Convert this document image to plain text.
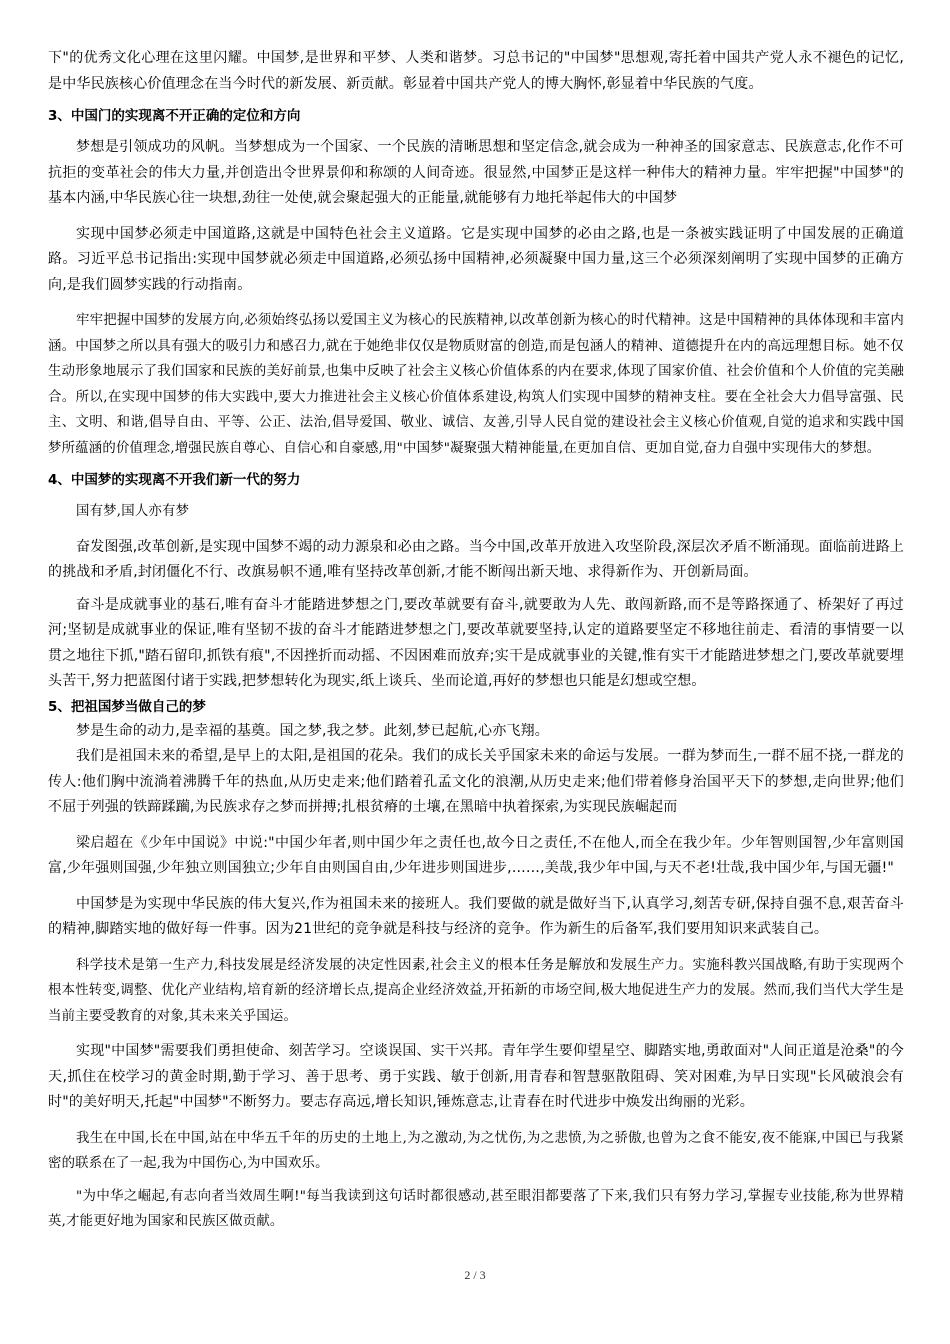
下"的优秀文化心理在这里闪耀。中国梦,是世界和平梦、人类和谐梦。习总书记的"中国梦"思想观,寄托着中国共产党人永不褪色的记忆,是中华民族核心价值理念在当今时代的新发展、新贡献。彰显着中国共产党人的博大胸怀,彰显着中华民族的气度。

3、中国门的实现离不开正确的定位和方向

梦想是引领成功的风帆。当梦想成为一个国家、一个民族的清晰思想和坚定信念,就会成为一种神圣的国家意志、民族意志,化作不可抗拒的变革社会的伟大力量,并创造出令世界景仰和称颂的人间奇迹。很显然,中国梦正是这样一种伟大的精神力量。牢牢把握"中国梦"的基本内涵,中华民族心往一块想,劲往一处使,就会聚起强大的正能量,就能够有力地托举起伟大的中国梦

实现中国梦必须走中国道路,这就是中国特色社会主义道路。它是实现中国梦的必由之路,也是一条被实践证明了中国发展的正确道路。习近平总书记指出:实现中国梦就必须走中国道路,必须弘扬中国精神,必须凝聚中国力量,这三个必须深刻阐明了实现中国梦的正确方向,是我们圆梦实践的行动指南。

牢牢把握中国梦的发展方向,必须始终弘扬以爱国主义为核心的民族精神,以改革创新为核心的时代精神。这是中国精神的具体体现和丰富内涵。中国梦之所以具有强大的吸引力和感召力,就在于她绝非仅仅是物质财富的创造,而是包涵人的精神、道德提升在内的高远理想目标。她不仅生动形象地展示了我们国家和民族的美好前景,也集中反映了社会主义核心价值体系的内在要求,体现了国家价值、社会价值和个人价值的完美融合。所以,在实现中国梦的伟大实践中,要大力推进社会主义核心价值体系建设,构筑人们实现中国梦的精神支柱。要在全社会大力倡导富强、民主、文明、和谐,倡导自由、平等、公正、法治,倡导爱国、敬业、诚信、友善,引导人民自觉的建设社会主义核心价值观,自觉的追求和实践中国梦所蕴涵的价值理念,增强民族自尊心、自信心和自豪感,用"中国梦"凝聚强大精神能量,在更加自信、更加自觉,奋力自强中实现伟大的梦想。

4、中国梦的实现离不开我们新一代的努力

国有梦,国人亦有梦

奋发图强,改革创新,是实现中国梦不竭的动力源泉和必由之路。当今中国,改革开放进入攻坚阶段,深层次矛盾不断涌现。面临前进路上的挑战和矛盾,封闭僵化不行、改旗易帜不通,唯有坚持改革创新,才能不断闯出新天地、求得新作为、开创新局面。

奋斗是成就事业的基石,唯有奋斗才能踏进梦想之门,要改革就要有奋斗,就要敢为人先、敢闯新路,而不是等路探通了、桥架好了再过河;坚韧是成就事业的保证,唯有坚韧不拔的奋斗才能踏进梦想之门,要改革就要坚持,认定的道路要坚定不移地往前走、看清的事情要一以贯之地往下抓,"踏石留印,抓铁有痕",不因挫折而动摇、不因困难而放弃;实干是成就事业的关键,惟有实干才能踏进梦想之门,要改革就要埋头苦干,努力把蓝图付诸于实践,把梦想转化为现实,纸上谈兵、坐而论道,再好的梦想也只能是幻想或空想。

5、把祖国梦当做自己的梦

梦是生命的动力,是幸福的基奠。国之梦,我之梦。此刻,梦已起航,心亦飞翔。

我们是祖国未来的希望,是早上的太阳,是祖国的花朵。我们的成长关乎国家未来的命运与发展。一群为梦而生,一群不屈不挠,一群龙的传人:他们胸中流淌着沸腾千年的热血,从历史走来;他们踏着孔孟文化的浪潮,从历史走来;他们带着修身治国平天下的梦想,走向世界;他们不屈于列强的铁蹄蹂躏,为民族求存之梦而拼搏;扎根贫瘠的土壤,在黑暗中执着探索,为实现民族崛起而

梁启超在《少年中国说》中说:"中国少年者,则中国少年之责任也,故今日之责任,不在他人,而全在我少年。少年智则国智,少年富则国富,少年强则国强,少年独立则国独立;少年自由则国自由,少年进步则国进步,……,美哉,我少年中国,与天不老!壮哉,我中国少年,与国无疆!"

中国梦是为实现中华民族的伟大复兴,作为祖国未来的接班人。我们要做的就是做好当下,认真学习,刻苦专研,保持自强不息,艰苦奋斗的精神,脚踏实地的做好每一件事。因为21世纪的竞争就是科技与经济的竞争。作为新生的后备军,我们要用知识来武装自己。

科学技术是第一生产力,科技发展是经济发展的决定性因素,社会主义的根本任务是解放和发展生产力。实施科教兴国战略,有助于实现两个根本性转变,调整、优化产业结构,培育新的经济增长点,提高企业经济效益,开拓新的市场空间,极大地促进生产力的发展。然而,我们当代大学生是当前主要受教育的对象,其未来关乎国运。

实现"中国梦"需要我们勇担使命、刻苦学习。空谈误国、实干兴邦。青年学生要仰望星空、脚踏实地,勇敢面对"人间正道是沧桑"的今天,抓住在校学习的黄金时期,勤于学习、善于思考、勇于实践、敏于创新,用青春和智慧驱散阻碍、笑对困难,为早日实现"长风破浪会有时"的美好明天,托起"中国梦"不断努力。要志存高远,增长知识,锤炼意志,让青春在时代进步中焕发出绚丽的光彩。

我生在中国,长在中国,站在中华五千年的历史的土地上,为之激动,为之忧伤,为之悲愤,为之骄傲,也曾为之食不能安,夜不能寐,中国已与我紧密的联系在了一起,我为中国伤心,为中国欢乐。

"为中华之崛起,有志向者当效周生啊!"每当我读到这句话时都很感动,甚至眼泪都要落了下来,我们只有努力学习,掌握专业技能,称为世界精英,才能更好地为国家和民族区做贡献。

2 / 3
